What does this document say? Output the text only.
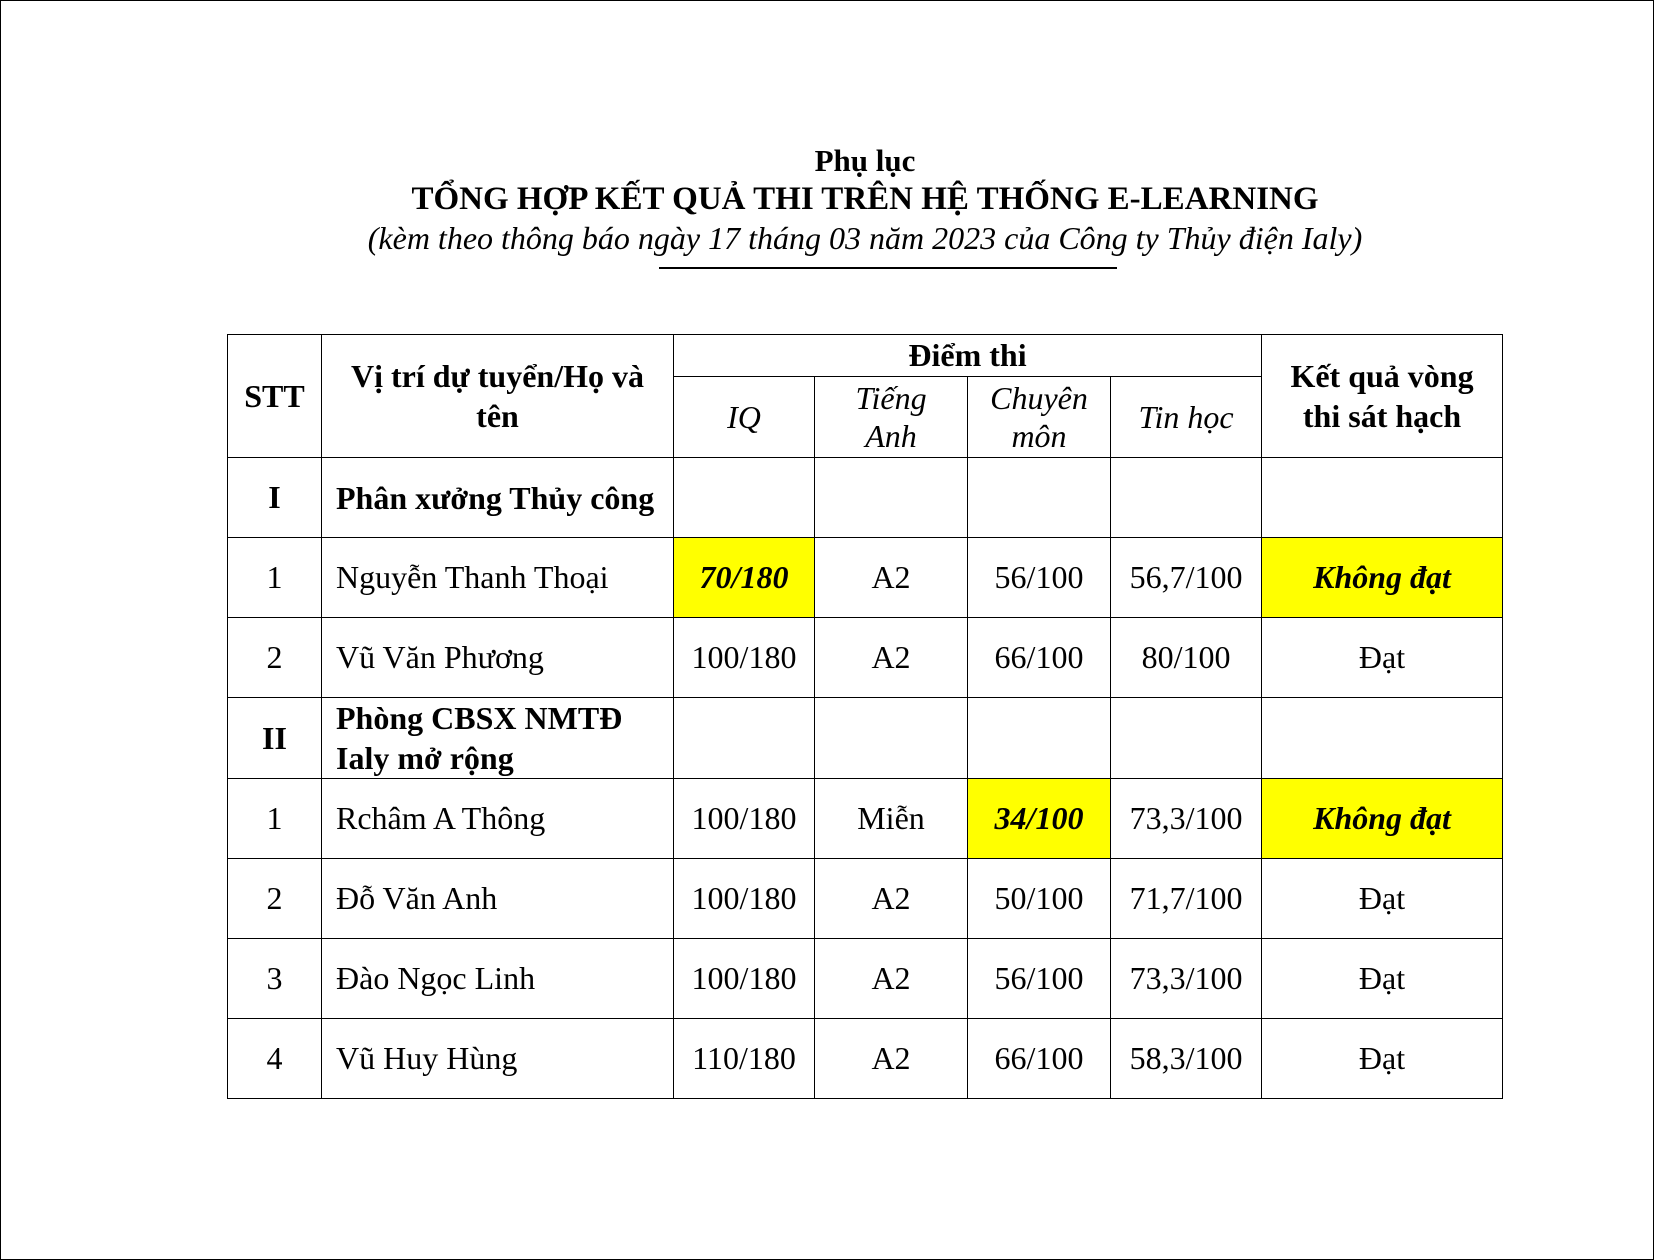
Phụ lục
TỔNG HỢP KẾT QUẢ THI TRÊN HỆ THỐNG E-LEARNING
(kèm theo thông báo ngày 17 tháng 03 năm 2023 của Công ty Thủy điện Ialy)
STT	Vị trí dự tuyển/Họ và tên	Điểm thi				Kết quả vòng thi sát hạch
		IQ	Tiếng Anh	Chuyên môn	Tin học	
I	Phân xưởng Thủy công					
1	Nguyễn Thanh Thoại	70/180	A2	56/100	56,7/100	Không đạt
2	Vũ Văn Phương	100/180	A2	66/100	80/100	Đạt
II	Phòng CBSX NMTĐ Ialy mở rộng					
1	Rchâm A Thông	100/180	Miễn	34/100	73,3/100	Không đạt
2	Đỗ Văn Anh	100/180	A2	50/100	71,7/100	Đạt
3	Đào Ngọc Linh	100/180	A2	56/100	73,3/100	Đạt
4	Vũ Huy Hùng	110/180	A2	66/100	58,3/100	Đạt
